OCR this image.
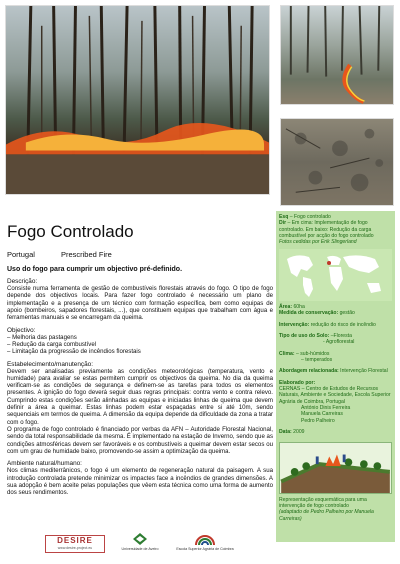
Fogo Controlado
Portugal	Prescribed Fire
Uso do fogo para cumprir um objectivo pré-definido.
Descrição:

Consiste numa ferramenta de gestão de combustíveis florestais através do fogo. O tipo de fogo depende dos objectivos locais. Para fazer fogo controlado é necessário um plano de implementação e a presença de um técnico com formação específica, bem como equipas de apoio (bombeiros, sapadores florestais, ...), que constituem equipas que trabalham com água e ferramentas manuais e se encarregam da queima.

Objectivo:
– Melhoria das pastagens
– Redução da carga combustível
– Limitação da progressão de incêndios florestais
Estabelecimento/manutenção:

Devem ser analisadas previamente as condições meteorológicas (temperatura, vento e humidade) para avaliar se estas permitem cumprir os objectivos da queima. No dia da queima verificam-se as condições de segurança e definem-se as tarefas para todos os elementos presentes. A ignição do fogo deverá seguir duas regras principais: contra vento e contra relevo. Cumprindo estas condições serão alinhadas as equipas e iniciadas linhas de queima que devem definir a área a queimar. Estas linhas podem estar espaçadas entre si até 10m, sendo sequenciais em termos de queima. A dimensão da equipa depende da dificuldade da zona a tratar com o fogo.

O programa de fogo controlado é financiado por verbas da AFN – Autoridade Florestal Nacional, sendo da total responsabilidade da mesma. É implementado na estação de Inverno, sendo que as condições atmosféricas devem ser favoráveis e os combustíveis a queimar devem estar secos ou com um grau de humidade baixo, promovendo-se assim a optimização da queima.

Ambiente natural/humano:

Nos climas mediterrânicos, o fogo é um elemento de regeneração natural da paisagem. A sua introdução controlada pretende minimizar os impactes face a incêndios de grandes dimensões. A sua adopção é bem aceite pelas populações que vêem esta técnica como uma forma de aumento dos seus rendimentos.

Esq – Fogo controlado
Dir – Em cima: Implementação de fogo controlado. Em baixo: Redução da carga combustível por acção do fogo controlado
Fotos cedidas por Erik Slingerland
Área: 60ha
Medida de conservação: gestão
Intervenção: redução do risco de incêndio
Tipo de uso do Solo: –Floresta
- Agroflorestal
Clima: – sub-húmidos
– temperados
Abordagem relacionada: Intervenção Florestal
Elaborado por:
CERNAS – Centro de Estudos de Recursos Naturais, Ambiente e Sociedade, Escola Superior Agrária de Coimbra, Portugal
António Dinis Ferreira
Manuela Carreiras
Pedro Palheiro
Data: 2009
Representação esquemática para uma intervenção de fogo controlado
(adaptado de Pedro Palheiro por Manuela Carreiras)
DESIRE
www.desire-project.eu	Universidade de Aveiro	Escola Superior Agrária de Coimbra
